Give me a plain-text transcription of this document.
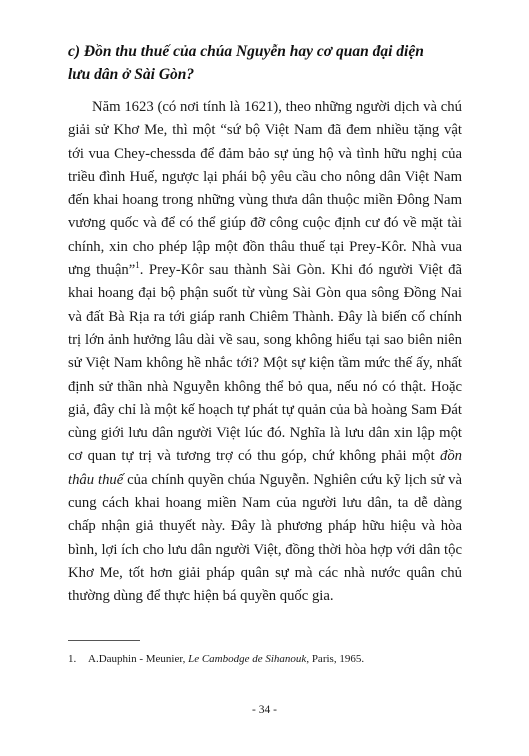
c) Đồn thu thuế của chúa Nguyễn hay cơ quan đại diện
lưu dân ở Sài Gòn?

Năm 1623 (có nơi tính là 1621), theo những người dịch và chú giải sử Khơ Me, thì một “sứ bộ Việt Nam đã đem nhiều tặng vật tới vua Chey-chessda để đảm bảo sự ủng hộ và tình hữu nghị của triều đình Huế, ngược lại phái bộ yêu cầu cho nông dân Việt Nam đến khai hoang trong những vùng thưa dân thuộc miền Đông Nam vương quốc và để có thể giúp đỡ công cuộc định cư đó về mặt tài chính, xin cho phép lập một đồn thâu thuế tại Prey-Kôr. Nhà vua ưng thuận”$^1$. Prey-Kôr sau thành Sài Gòn. Khi đó người Việt đã khai hoang đại bộ phận suốt từ vùng Sài Gòn qua sông Đồng Nai và đất Bà Rịa ra tới giáp ranh Chiêm Thành. Đây là biến cố chính trị lớn ảnh hưởng lâu dài về sau, song không hiểu tại sao biên niên sử Việt Nam không hề nhắc tới? Một sự kiện tầm mức thế ấy, nhất định sử thần nhà Nguyễn không thể bỏ qua, nếu nó có thật. Hoặc giả, đây chỉ là một kế hoạch tự phát tự quản của bà hoàng Sam Đát cùng giới lưu dân người Việt lúc đó. Nghĩa là lưu dân xin lập một cơ quan tự trị và tương trợ có thu góp, chứ không phải một đồn thâu thuế của chính quyền chúa Nguyễn. Nghiên cứu kỹ lịch sử và cung cách khai hoang miền Nam của người lưu dân, ta dễ dàng chấp nhận giả thuyết này. Đây là phương pháp hữu hiệu và hòa bình, lợi ích cho lưu dân người Việt, đồng thời hòa hợp với dân tộc Khơ Me, tốt hơn giải pháp quân sự mà các nhà nước quân chủ thường dùng để thực hiện bá quyền quốc gia.

1. A.Dauphin - Meunier, Le Cambodge de Sihanouk, Paris, 1965.
- 34 -
